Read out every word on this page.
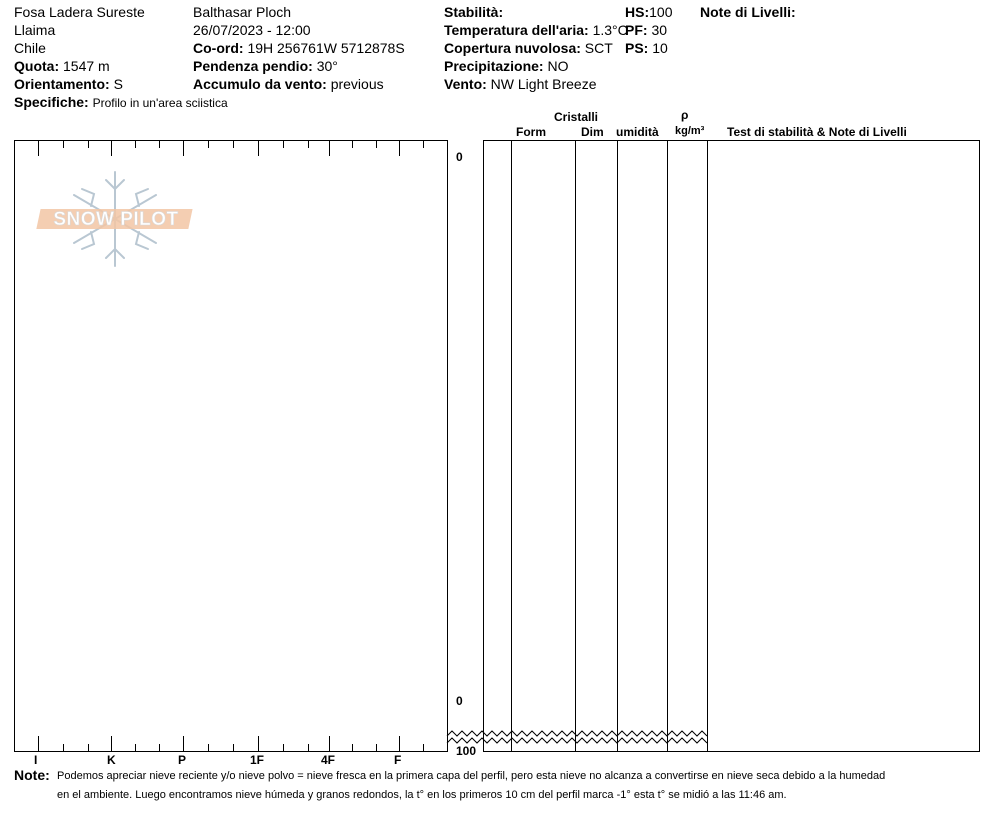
Fosa Ladera Sureste
Llaima
Chile
Quota: 1547 m
Orientamento: S
Specifiche: Profilo in un'area sciistica
Balthasar Ploch
26/07/2023 - 12:00
Co-ord: 19H 256761W 5712878S
Pendenza pendio: 30°
Accumulo da vento: previous
Stabilità:
Temperatura dell'aria: 1.3°C
Copertura nuvolosa: SCT
Precipitazione: NO
Vento: NW Light Breeze
HS:100
PF: 30
PS: 10
Note di Livelli:
Cristalli
Form	Dim umidità
ρ
kg/m³ Test di stabilità & Note di Livelli
SNOW PILOT
0
0
100
I	K	P	1F	4F	F
Note: Podemos apreciar nieve reciente y/o nieve polvo = nieve fresca en la primera capa del perfil, pero esta nieve no alcanza a convertirse en nieve seca debido a la humedad
en el ambiente. Luego encontramos nieve húmeda y granos redondos, la t° en los primeros 10 cm del perfil marca -1° esta t° se midió a las 11:46 am.
